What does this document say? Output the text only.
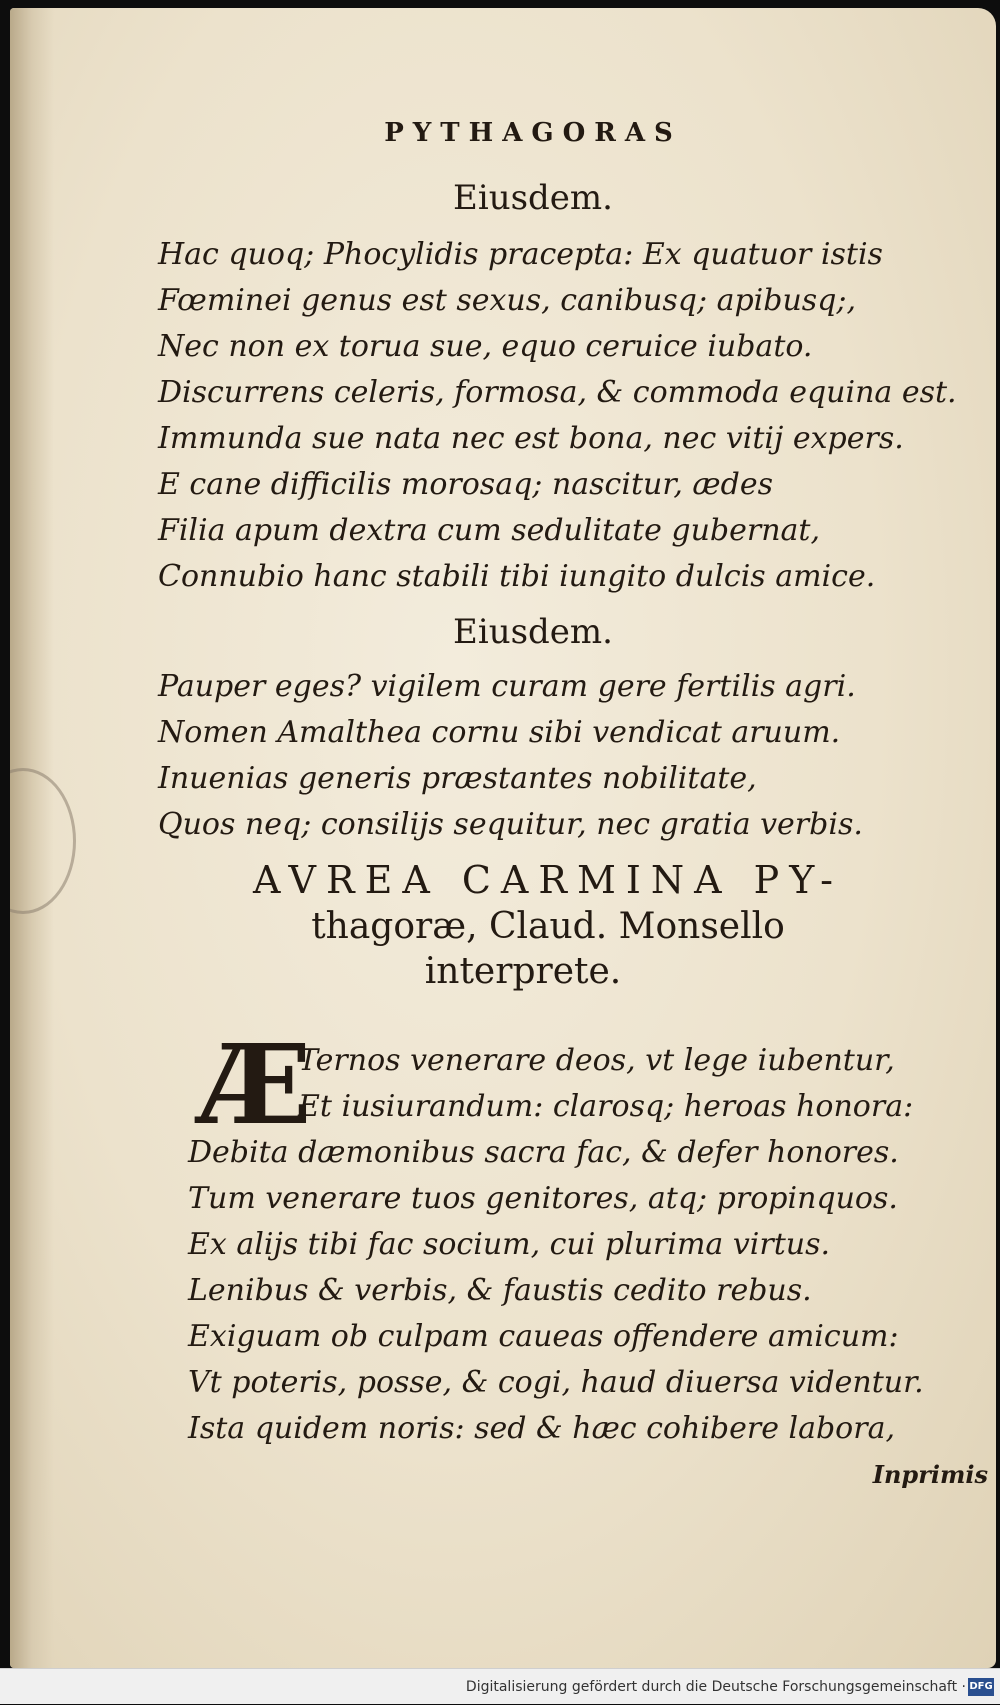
PYTHAGORAS
Eiusdem.
Hac quoq; Phocylidis pracepta: Ex quatuor istis
Fœminei genus est sexus, canibusq; apibusq;,
Nec non ex torua sue, equo ceruice iubato.
Discurrens celeris, formosa, & commoda equina est.
Immunda sue nata nec est bona, nec vitij expers.
E cane difficilis morosaq; nascitur, ædes
Filia apum dextra cum sedulitate gubernat,
Connubio hanc stabili tibi iungito dulcis amice.
Eiusdem.
Pauper eges? vigilem curam gere fertilis agri.
Nomen Amalthea cornu sibi vendicat aruum.
Inuenias generis præstantes nobilitate,
Quos neq; consilijs sequitur, nec gratia verbis.
AVREA CARMINA PY-
thagoræ, Claud. Monsello
interprete.
Æ
Ternos venerare deos, vt lege iubentur,
Et iusiurandum: clarosq; heroas honora:
Debita dæmonibus sacra fac, & defer honores.
Tum venerare tuos genitores, atq; propinquos.
Ex alijs tibi fac socium, cui plurima virtus.
Lenibus & verbis, & faustis cedito rebus.
Exiguam ob culpam caueas offendere amicum:
Vt poteris, posse, & cogi, haud diuersa videntur.
Ista quidem noris: sed & hæc cohibere labora,
Inprimis
Digitalisierung gefördert durch die Deutsche Forschungsgemeinschaft · DFG
